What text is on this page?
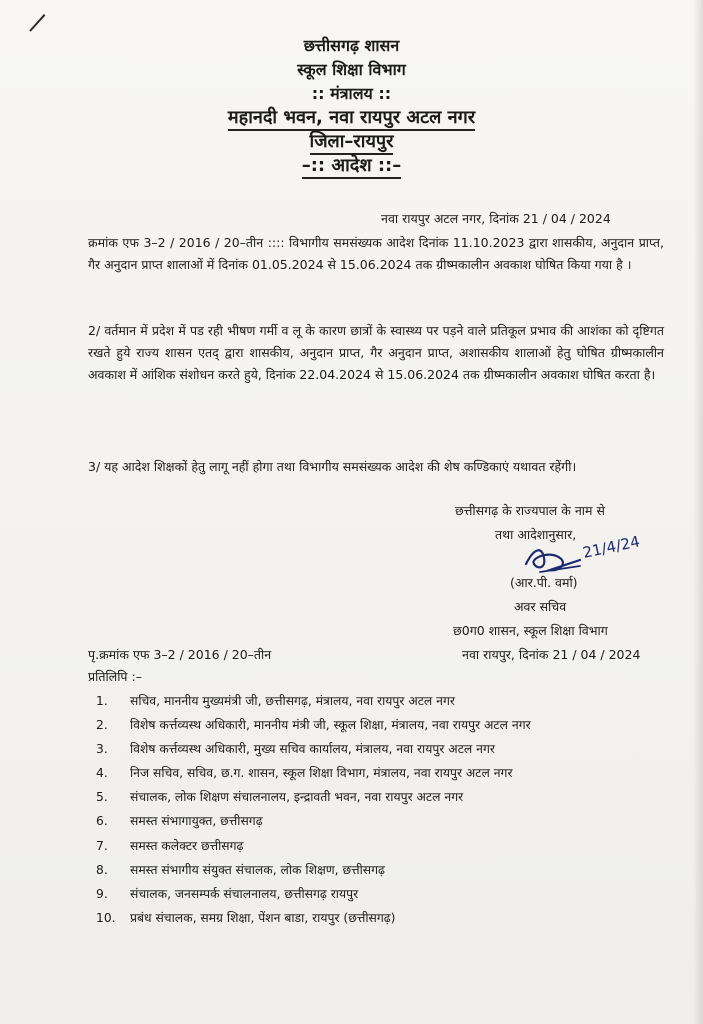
छत्तीसगढ़ शासन
स्कूल शिक्षा विभाग
:: मंत्रालय ::
महानदी भवन, नवा रायपुर अटल नगर
जिला–रायपुर
–:: आदेश ::–
नवा रायपुर अटल नगर, दिनांक 21 / 04 / 2024
क्रमांक एफ 3–2 / 2016 / 20–तीन :::: विभागीय समसंख्यक आदेश दिनांक 11.10.2023 द्वारा शासकीय, अनुदान प्राप्त, गैर अनुदान प्राप्त शालाओं में दिनांक 01.05.2024 से 15.06.2024 तक ग्रीष्मकालीन अवकाश घोषित किया गया है ।
2/ वर्तमान में प्रदेश में पड रही भीषण गर्मी व लू के कारण छात्रों के स्वास्थ्य पर पड़ने वाले प्रतिकूल प्रभाव की आशंका को दृष्टिगत रखते हुये राज्य शासन एतद् द्वारा शासकीय, अनुदान प्राप्त, गैर अनुदान प्राप्त, अशासकीय शालाओं हेतु घोषित ग्रीष्मकालीन अवकाश में आंशिक संशोधन करते हुये, दिनांक 22.04.2024 से 15.06.2024 तक ग्रीष्मकालीन अवकाश घोषित करता है।
3/ यह आदेश शिक्षकों हेतु लागू नहीं होगा तथा विभागीय समसंख्यक आदेश की शेष कण्डिकाएं यथावत रहेंगी।
छत्तीसगढ़ के राज्यपाल के नाम से
तथा आदेशानुसार, 21/4/24
(आर.पी. वर्मा)
अवर सचिव
छ0ग0 शासन, स्कूल शिक्षा विभाग
नवा रायपुर, दिनांक 21 / 04 / 2024
पृ.क्रमांक एफ 3–2 / 2016 / 20–तीन
प्रतिलिपि :–
1. सचिव, माननीय मुख्यमंत्री जी, छत्तीसगढ़, मंत्रालय, नवा रायपुर अटल नगर
2. विशेष कर्त्तव्यस्थ अधिकारी, माननीय मंत्री जी, स्कूल शिक्षा, मंत्रालय, नवा रायपुर अटल नगर
3. विशेष कर्त्तव्यस्थ अधिकारी, मुख्य सचिव कार्यालय, मंत्रालय, नवा रायपुर अटल नगर
4. निज सचिव, सचिव, छ.ग. शासन, स्कूल शिक्षा विभाग, मंत्रालय, नवा रायपुर अटल नगर
5. संचालक, लोक शिक्षण संचालनालय, इन्द्रावती भवन, नवा रायपुर अटल नगर
6. समस्त संभागायुक्त, छत्तीसगढ़
7. समस्त कलेक्टर छत्तीसगढ़
8. समस्त संभागीय संयुक्त संचालक, लोक शिक्षण, छत्तीसगढ़
9. संचालक, जनसम्पर्क संचालनालय, छत्तीसगढ़ रायपुर
10. प्रबंध संचालक, समग्र शिक्षा, पेंशन बाडा, रायपुर (छत्तीसगढ़)
